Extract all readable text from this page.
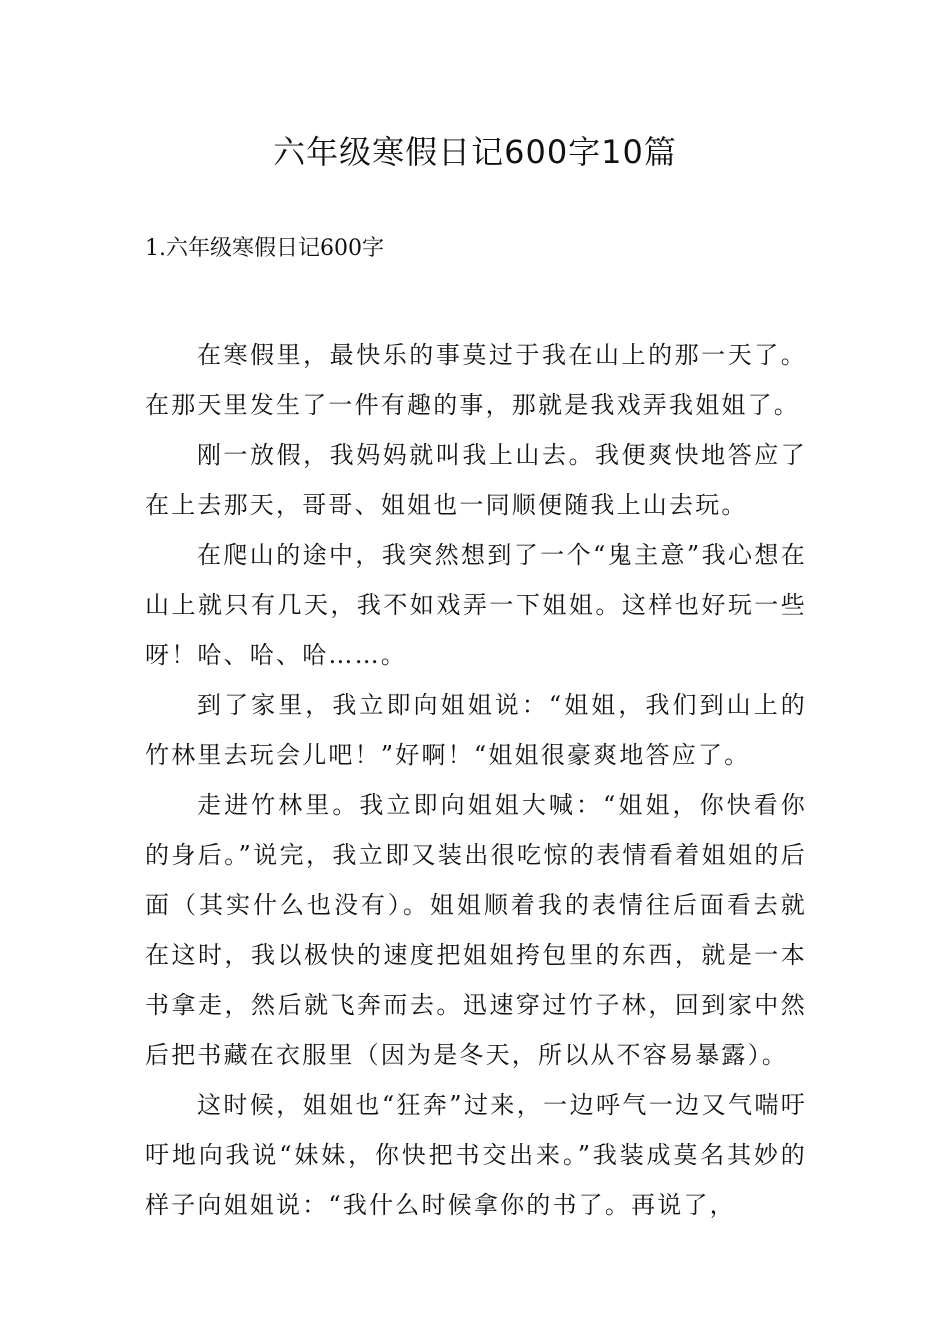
六年级寒假日记600字10篇
1.六年级寒假日记600字

在寒假里，最快乐的事莫过于我在山上的那一天了。在那天里发生了一件有趣的事，那就是我戏弄我姐姐了。

刚一放假，我妈妈就叫我上山去。我便爽快地答应了在上去那天，哥哥、姐姐也一同顺便随我上山去玩。

在爬山的途中，我突然想到了一个“鬼主意”我心想在山上就只有几天，我不如戏弄一下姐姐。这样也好玩一些呀！哈、哈、哈……。

到了家里，我立即向姐姐说：“姐姐，我们到山上的竹林里去玩会儿吧！”好啊！“姐姐很豪爽地答应了。

走进竹林里。我立即向姐姐大喊：“姐姐，你快看你的身后。”说完，我立即又装出很吃惊的表情看着姐姐的后面（其实什么也没有）。姐姐顺着我的表情往后面看去就在这时，我以极快的速度把姐姐挎包里的东西，就是一本书拿走，然后就飞奔而去。迅速穿过竹子林，回到家中然后把书藏在衣服里（因为是冬天，所以从不容易暴露）。

这时候，姐姐也“狂奔”过来，一边呼气一边又气喘吁吁地向我说“妹妹，你快把书交出来。”我装成莫名其妙的样子向姐姐说：“我什么时候拿你的书了。再说了，
